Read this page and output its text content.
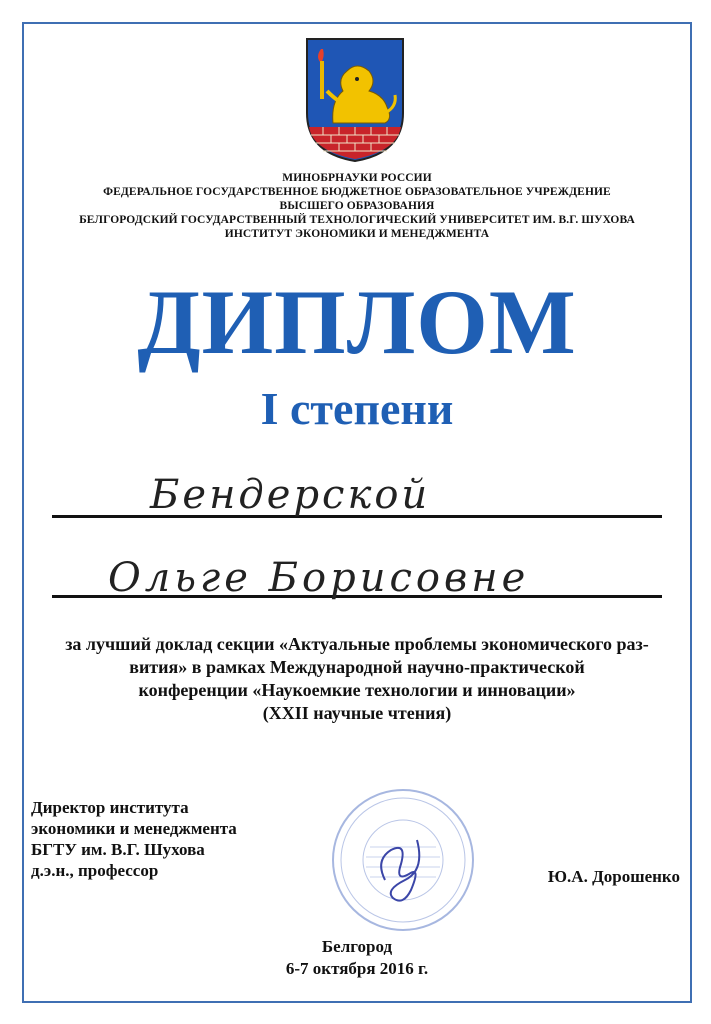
МИНОБРНАУКИ РОССИИ
ФЕДЕРАЛЬНОЕ ГОСУДАРСТВЕННОЕ БЮДЖЕТНОЕ ОБРАЗОВАТЕЛЬНОЕ УЧРЕЖДЕНИЕ
ВЫСШЕГО ОБРАЗОВАНИЯ
БЕЛГОРОДСКИЙ ГОСУДАРСТВЕННЫЙ ТЕХНОЛОГИЧЕСКИЙ УНИВЕРСИТЕТ ИМ. В.Г. ШУХОВА
ИНСТИТУТ ЭКОНОМИКИ И МЕНЕДЖМЕНТА
ДИПЛОМ
I степени
Бендерской
Ольге Борисовне
за лучший доклад секции «Актуальные проблемы экономического раз-
вития» в рамках Международной научно-практической
конференции «Наукоемкие технологии и инновации»
(XXII научные чтения)
Директор института
экономики и менеджмента
БГТУ им. В.Г. Шухова
д.э.н., профессор	Ю.А. Дорошенко
Белгород
6-7 октября 2016 г.
